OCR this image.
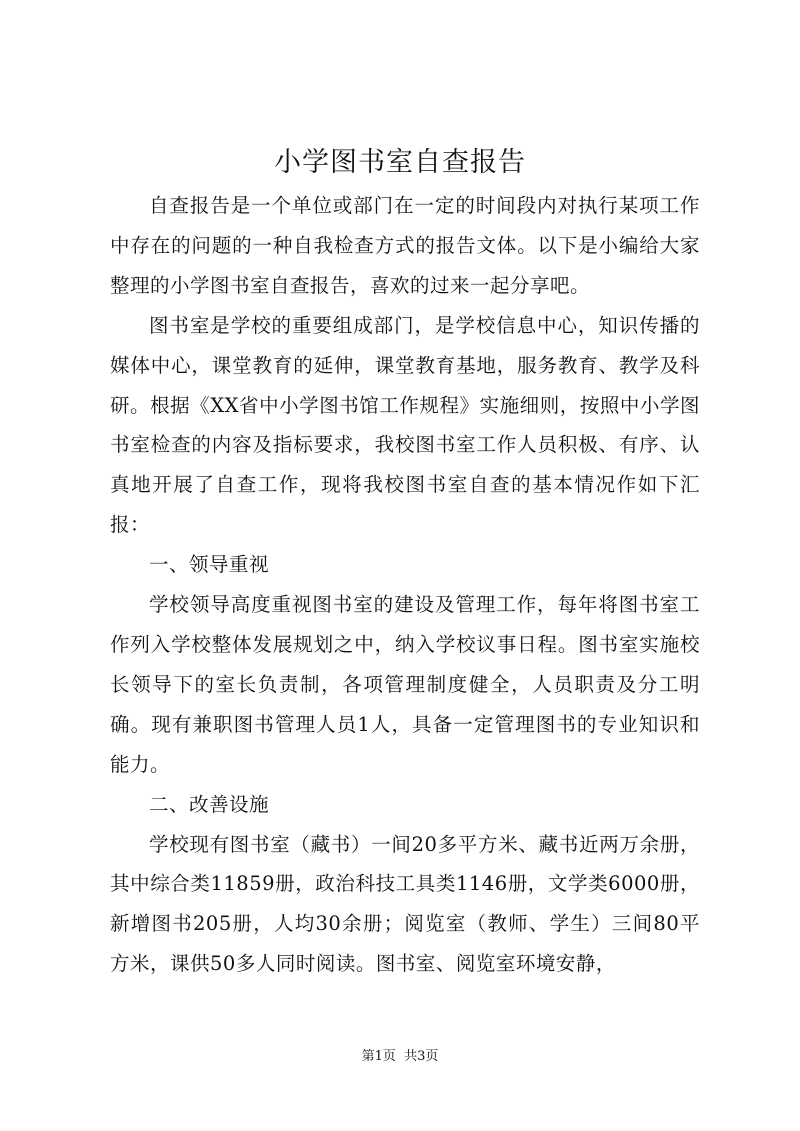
小学图书室自查报告

自查报告是一个单位或部门在一定的时间段内对执行某项工作中存在的问题的一种自我检查方式的报告文体。以下是小编给大家整理的小学图书室自查报告，喜欢的过来一起分享吧。

图书室是学校的重要组成部门，是学校信息中心，知识传播的媒体中心，课堂教育的延伸，课堂教育基地，服务教育、教学及科研。根据《XX省中小学图书馆工作规程》实施细则，按照中小学图书室检查的内容及指标要求，我校图书室工作人员积极、有序、认真地开展了自查工作，现将我校图书室自查的基本情况作如下汇报：

一、领导重视

学校领导高度重视图书室的建设及管理工作，每年将图书室工作列入学校整体发展规划之中，纳入学校议事日程。图书室实施校长领导下的室长负责制，各项管理制度健全，人员职责及分工明确。现有兼职图书管理人员1人，具备一定管理图书的专业知识和能力。

二、改善设施

学校现有图书室（藏书）一间20多平方米、藏书近两万余册，其中综合类11859册，政治科技工具类1146册，文学类6000册，新增图书205册，人均30余册；阅览室（教师、学生）三间80平方米，课供50多人同时阅读。图书室、阅览室环境安静，

第1页 共3页
